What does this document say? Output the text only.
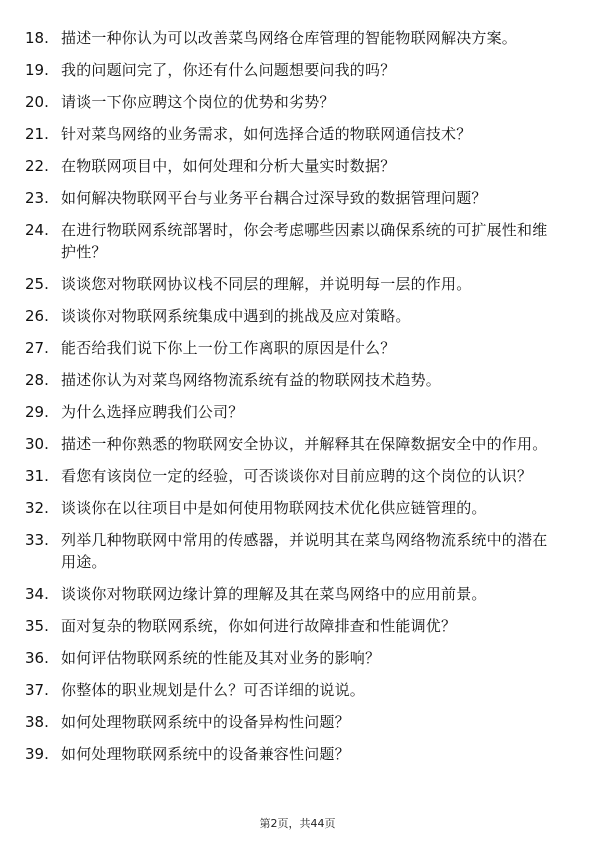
18. 描述一种你认为可以改善菜鸟网络仓库管理的智能物联网解决方案。
19. 我的问题问完了，你还有什么问题想要问我的吗？
20. 请谈一下你应聘这个岗位的优势和劣势？
21. 针对菜鸟网络的业务需求，如何选择合适的物联网通信技术？
22. 在物联网项目中，如何处理和分析大量实时数据？
23. 如何解决物联网平台与业务平台耦合过深导致的数据管理问题？
24. 在进行物联网系统部署时，你会考虑哪些因素以确保系统的可扩展性和维护性？
25. 谈谈您对物联网协议栈不同层的理解，并说明每一层的作用。
26. 谈谈你对物联网系统集成中遇到的挑战及应对策略。
27. 能否给我们说下你上一份工作离职的原因是什么？
28. 描述你认为对菜鸟网络物流系统有益的物联网技术趋势。
29. 为什么选择应聘我们公司？
30. 描述一种你熟悉的物联网安全协议，并解释其在保障数据安全中的作用。
31. 看您有该岗位一定的经验，可否谈谈你对目前应聘的这个岗位的认识？
32. 谈谈你在以往项目中是如何使用物联网技术优化供应链管理的。
33. 列举几种物联网中常用的传感器，并说明其在菜鸟网络物流系统中的潜在用途。
34. 谈谈你对物联网边缘计算的理解及其在菜鸟网络中的应用前景。
35. 面对复杂的物联网系统，你如何进行故障排查和性能调优？
36. 如何评估物联网系统的性能及其对业务的影响？
37. 你整体的职业规划是什么？可否详细的说说。
38. 如何处理物联网系统中的设备异构性问题？
39. 如何处理物联网系统中的设备兼容性问题？
第2页，共44页
